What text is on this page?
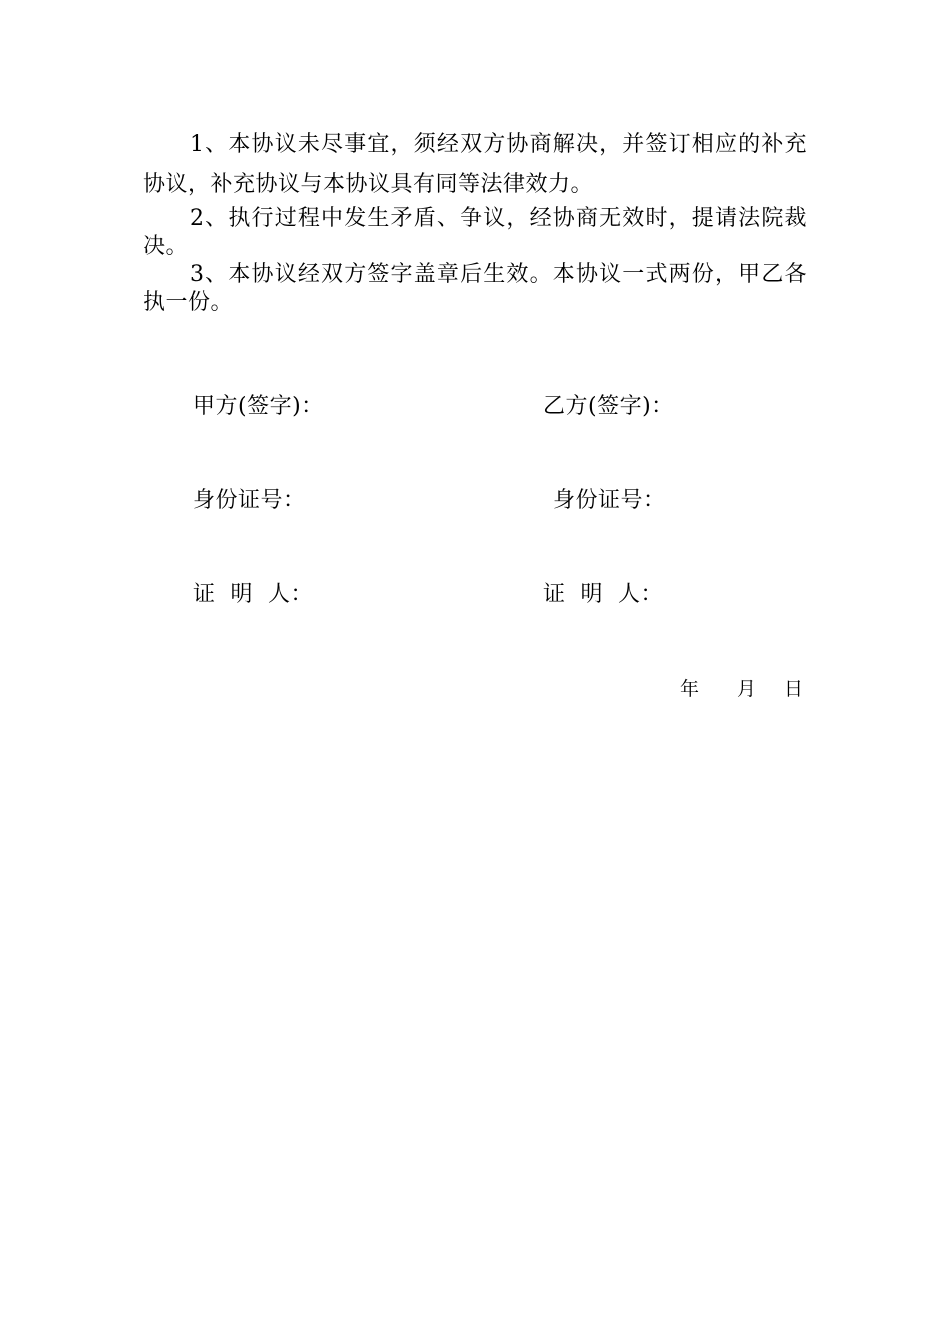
1、本协议未尽事宜，须经双方协商解决，并签订相应的补充协议，补充协议与本协议具有同等法律效力。

2、执行过程中发生矛盾、争议，经协商无效时，提请法院裁决。

3、本协议经双方签字盖章后生效。本协议一式两份，甲乙各执一份。

甲方(签字)：	乙方(签字)：
身份证号：	身份证号：
证  明  人：	证  明  人：
年 月 日
